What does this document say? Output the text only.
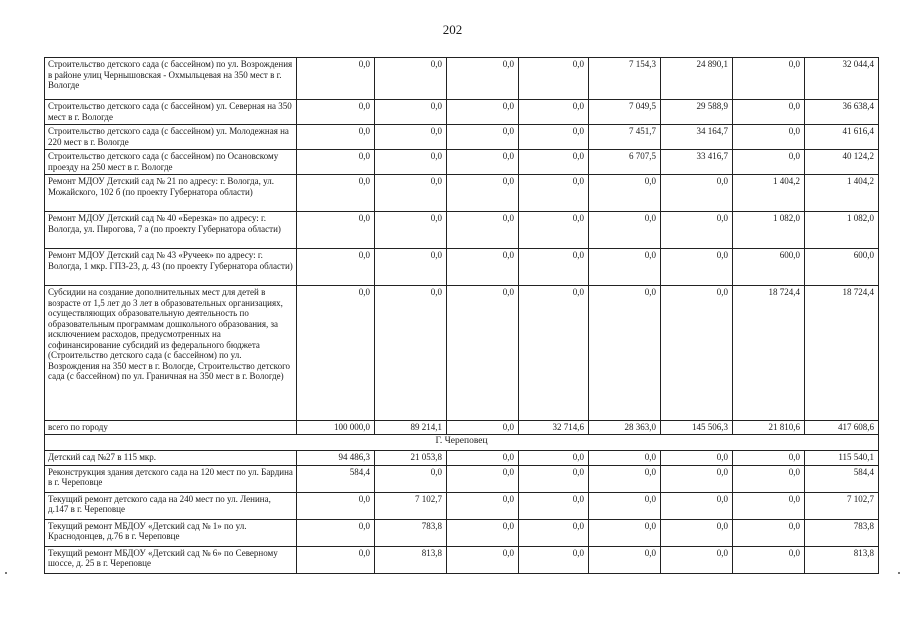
202
Строительство детского сада (с бассейном) по ул. Возрождения в районе улиц Чернышовская - Охмыльцевая на 350 мест в г. Вологде	0,0	0,0	0,0	0,0	7 154,3	24 890,1	0,0	32 044,4
Строительство детского сада (с бассейном) ул. Северная на 350 мест в г. Вологде	0,0	0,0	0,0	0,0	7 049,5	29 588,9	0,0	36 638,4
Строительство детского сада (с бассейном) ул. Молодежная на 220 мест в г. Вологде	0,0	0,0	0,0	0,0	7 451,7	34 164,7	0,0	41 616,4
Строительство детского сада (с бассейном) по Осановскому проезду на 250 мест в г. Вологде	0,0	0,0	0,0	0,0	6 707,5	33 416,7	0,0	40 124,2
Ремонт МДОУ Детский сад № 21 по адресу: г. Вологда, ул. Можайского, 102 б (по проекту Губернатора области)	0,0	0,0	0,0	0,0	0,0	0,0	1 404,2	1 404,2
Ремонт МДОУ Детский сад № 40 «Березка» по адресу: г. Вологда, ул. Пирогова, 7 а (по проекту Губернатора области)	0,0	0,0	0,0	0,0	0,0	0,0	1 082,0	1 082,0
Ремонт МДОУ Детский сад № 43 «Ручеек» по адресу: г. Вологда, 1 мкр. ГПЗ-23, д. 43 (по проекту Губернатора области)	0,0	0,0	0,0	0,0	0,0	0,0	600,0	600,0
Субсидии на создание дополнительных мест для детей в возрасте от 1,5 лет до 3 лет в образовательных организациях, осуществляющих образовательную деятельность по образовательным программам дошкольного образования, за исключением расходов, предусмотренных на софинансирование субсидий из федерального бюджета (Строительство детского сада (с бассейном) по ул. Возрождения на 350 мест в г. Вологде, Строительство детского сада (с бассейном) по ул. Граничная на 350 мест в г. Вологде)	0,0	0,0	0,0	0,0	0,0	0,0	18 724,4	18 724,4
всего по городу	100 000,0	89 214,1	0,0	32 714,6	28 363,0	145 506,3	21 810,6	417 608,6
Г. Череповец								
Детский сад №27 в 115 мкр.	94 486,3	21 053,8	0,0	0,0	0,0	0,0	0,0	115 540,1
Реконструкция здания детского сада на 120 мест по ул. Бардина в г. Череповце	584,4	0,0	0,0	0,0	0,0	0,0	0,0	584,4
Текущий ремонт детского сада на 240 мест по ул. Ленина, д.147 в г. Череповце	0,0	7 102,7	0,0	0,0	0,0	0,0	0,0	7 102,7
Текущий ремонт МБДОУ «Детский сад № 1» по ул. Краснодонцев, д.76 в г. Череповце	0,0	783,8	0,0	0,0	0,0	0,0	0,0	783,8
Текущий ремонт МБДОУ «Детский сад № 6» по Северному шоссе, д. 25 в г. Череповце	0,0	813,8	0,0	0,0	0,0	0,0	0,0	813,8
